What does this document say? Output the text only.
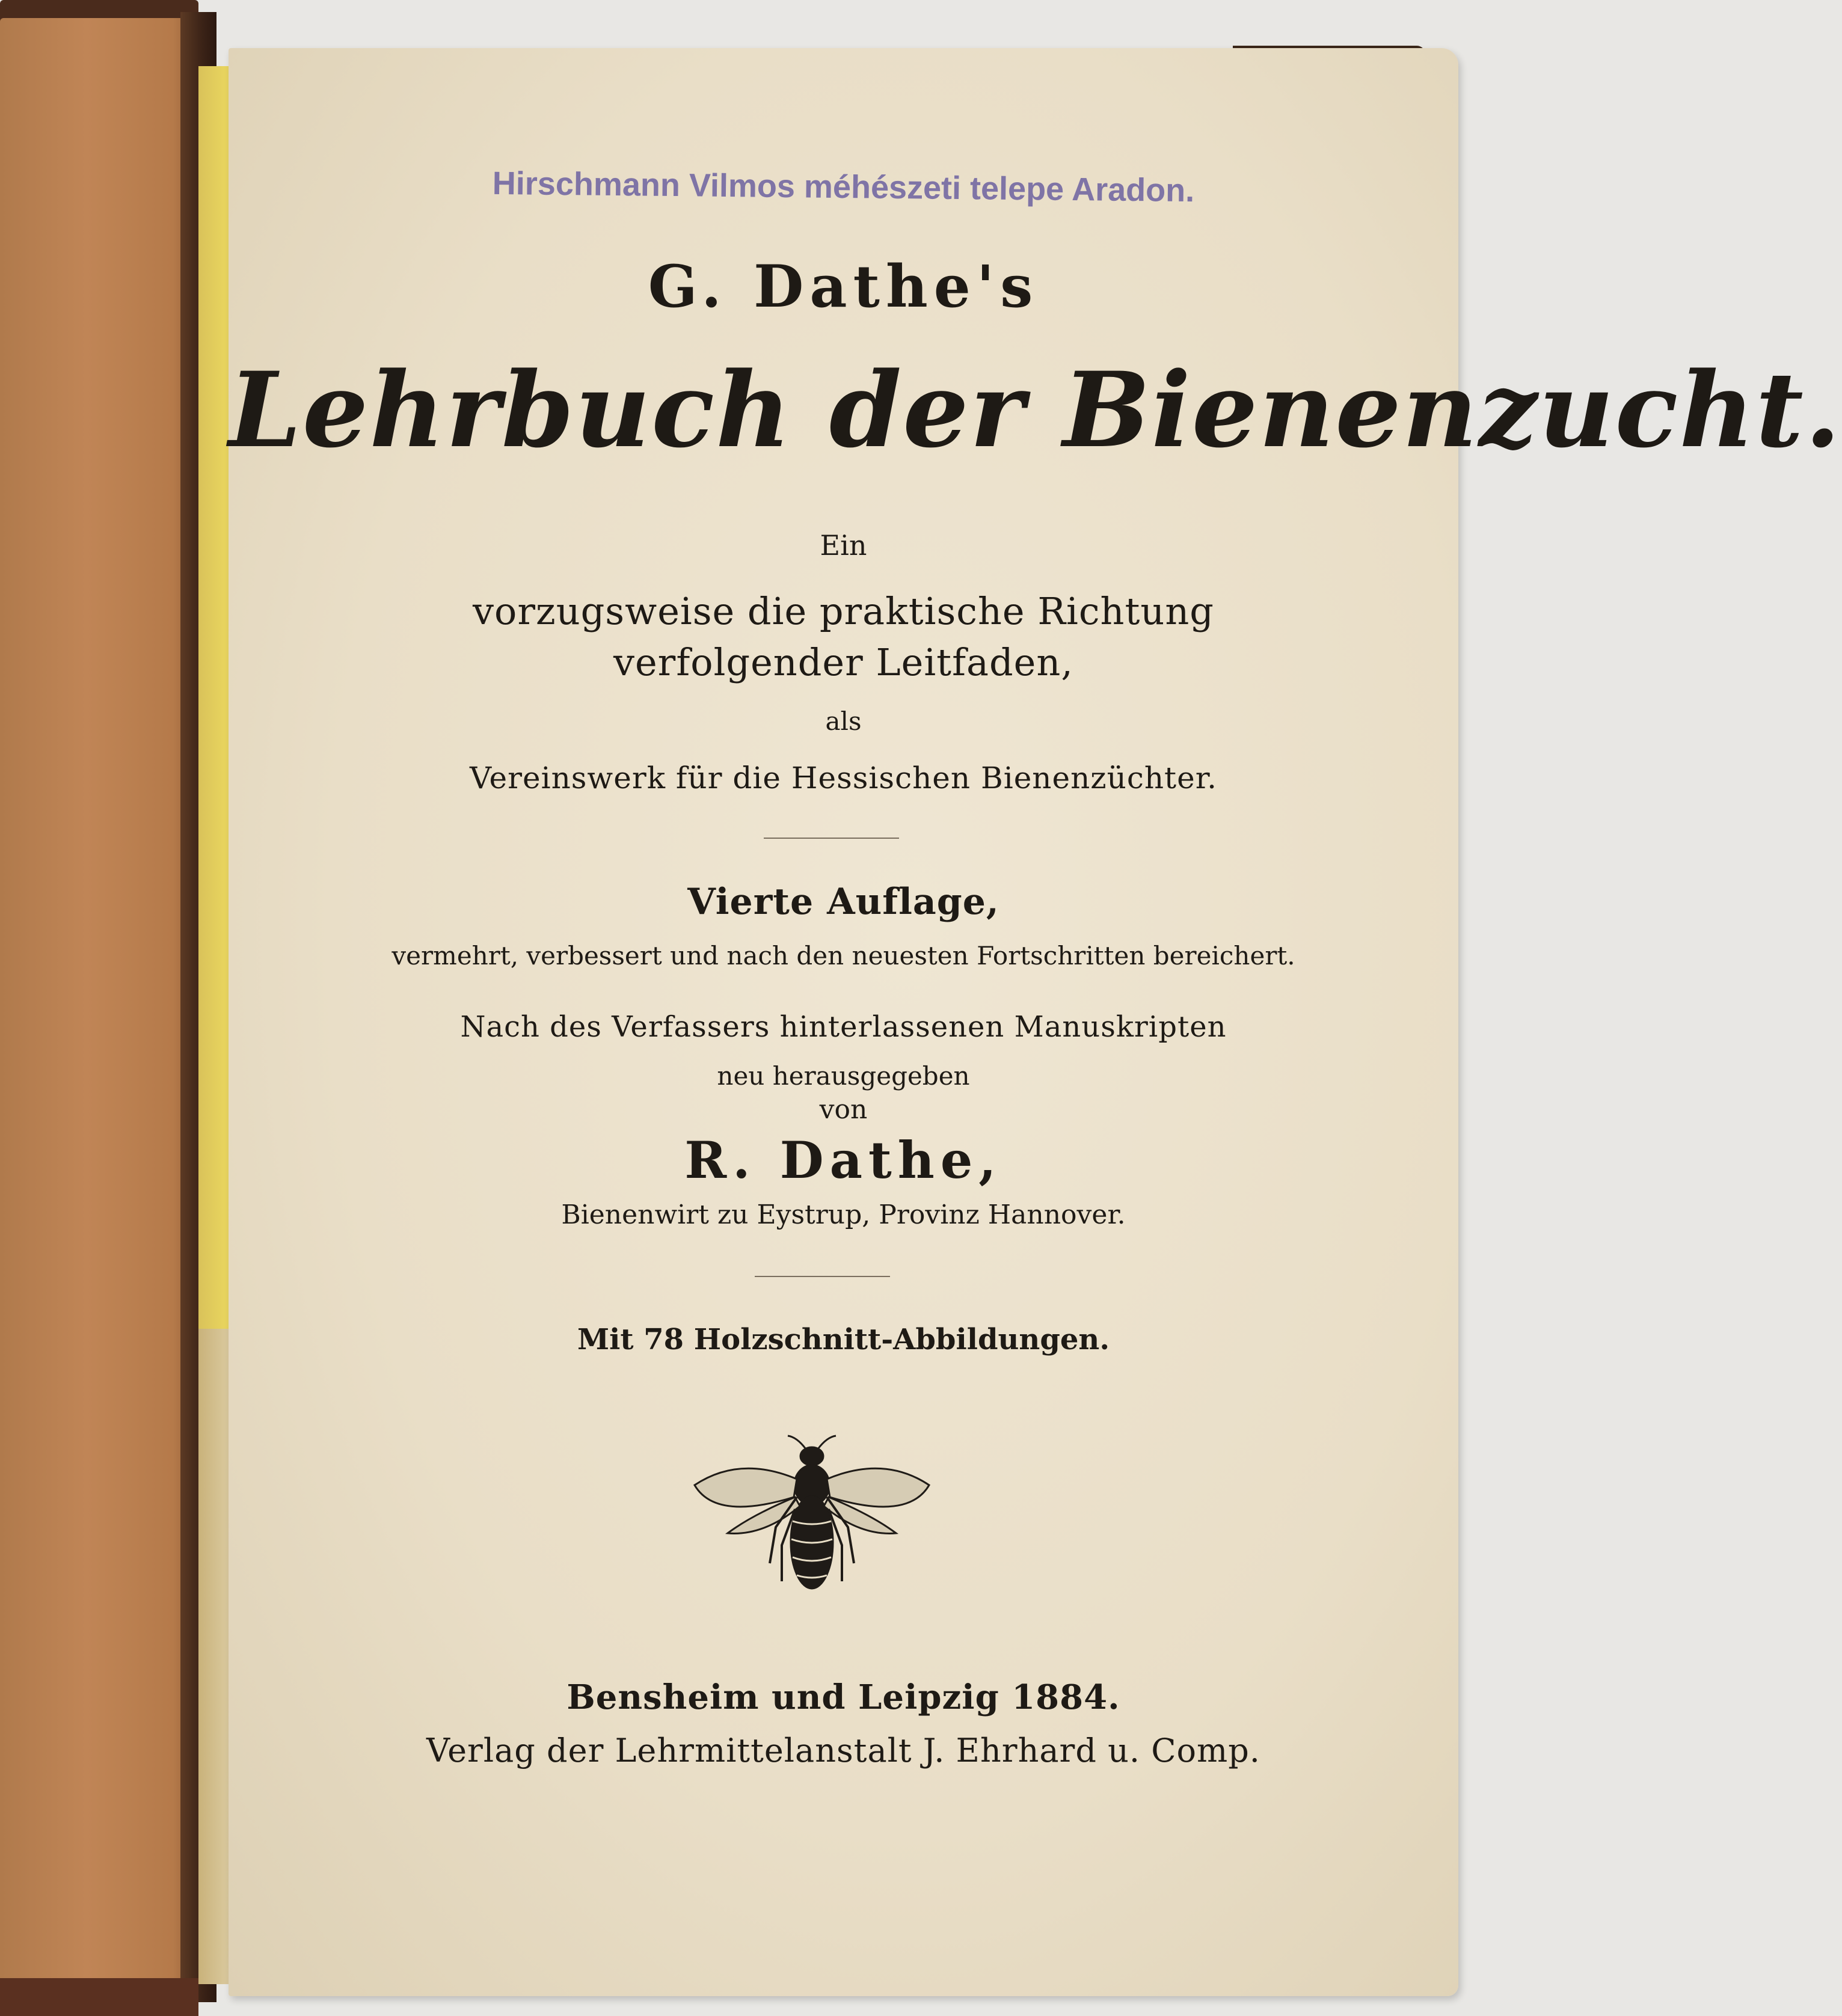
Hirschmann Vilmos méhészeti telepe Aradon.
G. Dathe's
Lehrbuch der Bienenzucht.
Ein
vorzugsweise die praktische Richtung
verfolgender Leitfaden,
als
Vereinswerk für die Hessischen Bienenzüchter.
Vierte Auflage,
vermehrt, verbessert und nach den neuesten Fortschritten bereichert.
Nach des Verfassers hinterlassenen Manuskripten
neu herausgegeben
von
R. Dathe,
Bienenwirt zu Eystrup, Provinz Hannover.
Mit 78 Holzschnitt-Abbildungen.
Bensheim und Leipzig 1884.
Verlag der Lehrmittelanstalt J. Ehrhard u. Comp.
